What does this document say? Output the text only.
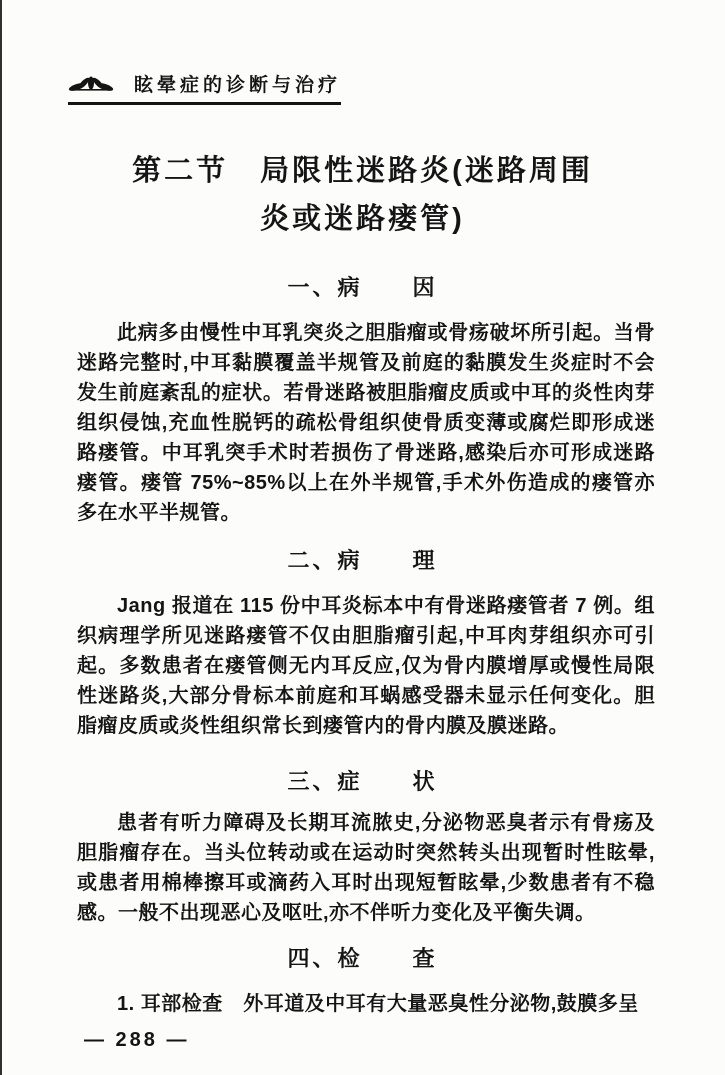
眩晕症的诊断与治疗
第二节　局限性迷路炎(迷路周围
炎或迷路瘘管)
一、病　　因
此病多由慢性中耳乳突炎之胆脂瘤或骨疡破坏所引起。当骨
迷路完整时,中耳黏膜覆盖半规管及前庭的黏膜发生炎症时不会
发生前庭紊乱的症状。若骨迷路被胆脂瘤皮质或中耳的炎性肉芽
组织侵蚀,充血性脱钙的疏松骨组织使骨质变薄或腐烂即形成迷
路瘘管。中耳乳突手术时若损伤了骨迷路,感染后亦可形成迷路
瘘管。瘘管 75%~85%以上在外半规管,手术外伤造成的瘘管亦
多在水平半规管。
二、病　　理
Jang 报道在 115 份中耳炎标本中有骨迷路瘘管者 7 例。组
织病理学所见迷路瘘管不仅由胆脂瘤引起,中耳肉芽组织亦可引
起。多数患者在瘘管侧无内耳反应,仅为骨内膜增厚或慢性局限
性迷路炎,大部分骨标本前庭和耳蜗感受器未显示任何变化。胆
脂瘤皮质或炎性组织常长到瘘管内的骨内膜及膜迷路。
三、症　　状
患者有听力障碍及长期耳流脓史,分泌物恶臭者示有骨疡及
胆脂瘤存在。当头位转动或在运动时突然转头出现暂时性眩晕,
或患者用棉棒擦耳或滴药入耳时出现短暂眩晕,少数患者有不稳
感。一般不出现恶心及呕吐,亦不伴听力变化及平衡失调。
四、检　　查
1. 耳部检查　外耳道及中耳有大量恶臭性分泌物,鼓膜多呈
— 288 —
